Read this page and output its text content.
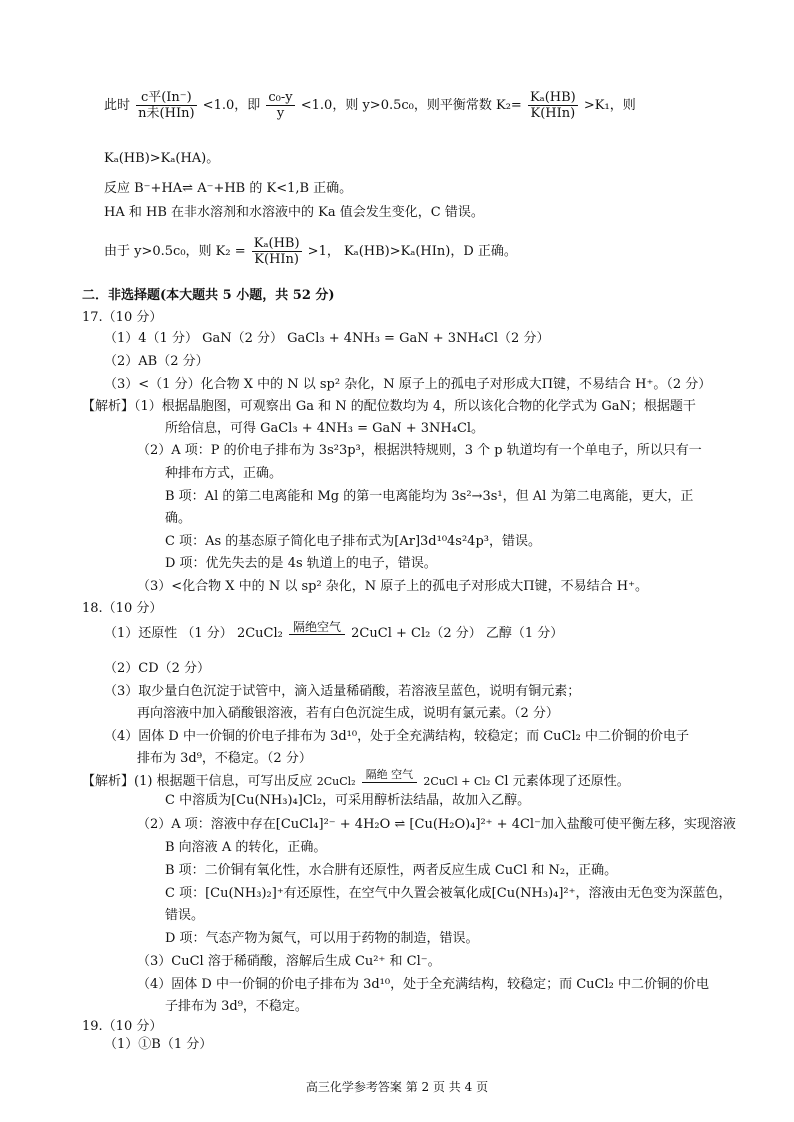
此时 $\frac{\text{c平(In⁻)}}{\text{n未(HIn)}} <1.0$，即 $\frac{\text{c₀-y}}{y} <1.0$，则 y>0.5c₀，则平衡常数 $K_2= \frac{\text{Kₐ(HB)}}{\text{K(HIn)}} >K_1$，则
Kₐ(HB)>Kₐ(HA)。
反应 B⁻+HA⇌ A⁻+HB 的 K<1,B 正确。
HA 和 HB 在非水溶剂和水溶液中的 Ka 值会发生变化，C 错误。
由于 y>0.5c₀，则 $K_2 = \frac{\text{Kₐ(HB)}}{\text{K(HIn)}} >1$， Kₐ(HB)>Kₐ(HIn)，D 正确。
二．非选择题(本大题共 5 小题，共 52 分)
17.（10 分）
（1）4（1 分） GaN（2 分） GaCl₃ + 4NH₃ = GaN + 3NH₄Cl（2 分）
（2）AB（2 分）
（3）<（1 分）化合物 X 中的 N 以 sp² 杂化，N 原子上的孤电子对形成大Π键，不易结合 H⁺。（2 分）
【解析】（1）根据晶胞图，可观察出 Ga 和 N 的配位数均为 4，所以该化合物的化学式为 GaN；根据题干
所给信息，可得 GaCl₃ + 4NH₃ = GaN + 3NH₄Cl。
（2）A 项：P 的价电子排布为 3s²3p³，根据洪特规则，3 个 p 轨道均有一个单电子，所以只有一
种排布方式，正确。
B 项：Al 的第二电离能和 Mg 的第一电离能均为 3s²→3s¹，但 Al 为第二电离能，更大，正
确。
C 项：As 的基态原子简化电子排布式为[Ar]3d¹⁰4s²4p³，错误。
D 项：优先失去的是 4s 轨道上的电子，错误。
（3）<化合物 X 中的 N 以 sp² 杂化，N 原子上的孤电子对形成大Π键，不易结合 H⁺。
18.（10 分）
（1）还原性 （1 分） 2CuCl₂ 隔绝空气 2CuCl + Cl₂（2 分） 乙醇（1 分）
（2）CD（2 分）
（3）取少量白色沉淀于试管中，滴入适量稀硝酸，若溶液呈蓝色，说明有铜元素；
再向溶液中加入硝酸银溶液，若有白色沉淀生成，说明有氯元素。（2 分）
（4）固体 D 中一价铜的价电子排布为 3d¹⁰，处于全充满结构，较稳定；而 CuCl₂ 中二价铜的价电子
排布为 3d⁹，不稳定。（2 分）
【解析】(1) 根据题干信息，可写出反应 2CuCl₂
隔绝 空气
2CuCl + Cl₂ Cl 元素体现了还原性。
C 中溶质为[Cu(NH₃)₄]Cl₂，可采用醇析法结晶，故加入乙醇。
（2）A 项：溶液中存在[CuCl₄]²⁻ + 4H₂O ⇌ [Cu(H₂O)₄]²⁺ + 4Cl⁻加入盐酸可使平衡左移，实现溶液
B 向溶液 A 的转化，正确。
B 项：二价铜有氧化性，水合肼有还原性，两者反应生成 CuCl 和 N₂，正确。
C 项：[Cu(NH₃)₂]⁺有还原性，在空气中久置会被氧化成[Cu(NH₃)₄]²⁺，溶液由无色变为深蓝色，
错误。
D 项：气态产物为氮气，可以用于药物的制造，错误。
（3）CuCl 溶于稀硝酸，溶解后生成 Cu²⁺ 和 Cl⁻。
（4）固体 D 中一价铜的价电子排布为 3d¹⁰，处于全充满结构，较稳定；而 CuCl₂ 中二价铜的价电
子排布为 3d⁹，不稳定。
19.（10 分）
（1）①B（1 分）
高三化学参考答案 第 2 页 共 4 页
